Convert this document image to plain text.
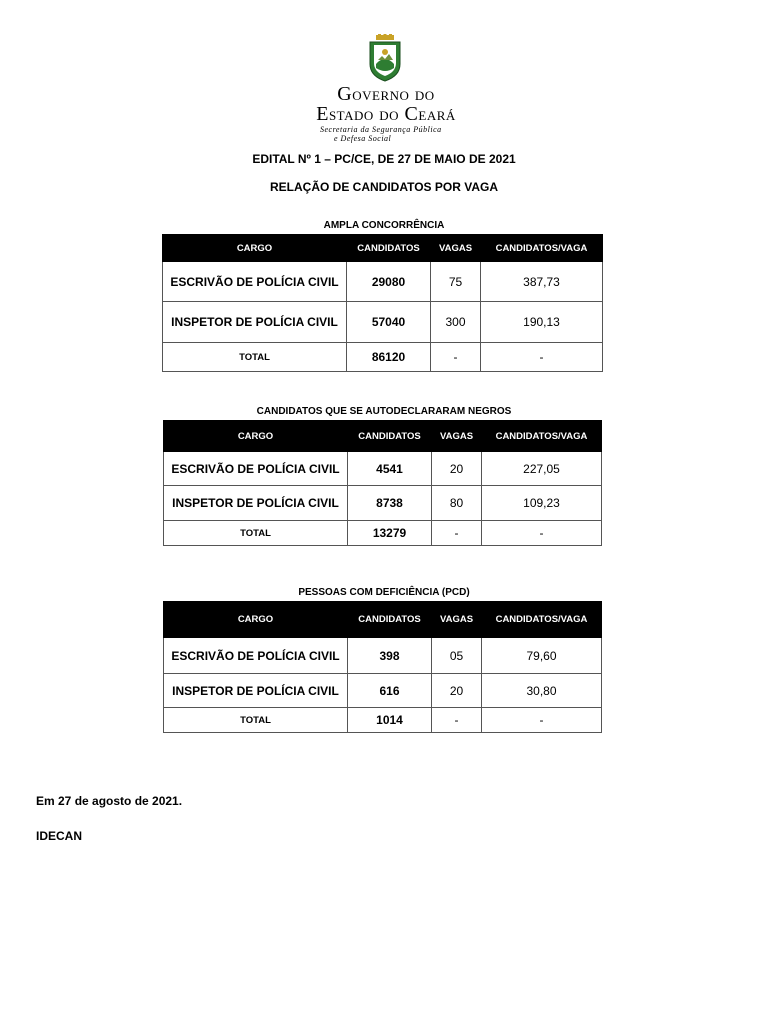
GOVERNO DO
ESTADO DO CEARÁ
Secretaria da Segurança Pública
e Defesa Social
EDITAL Nº 1 – PC/CE, DE 27 DE MAIO DE 2021
RELAÇÃO DE CANDIDATOS POR VAGA
AMPLA CONCORRÊNCIA
CARGO	CANDIDATOS	VAGAS	CANDIDATOS/VAGA
ESCRIVÃO DE POLÍCIA CIVIL	29080	75	387,73
INSPETOR DE POLÍCIA CIVIL	57040	300	190,13
TOTAL	86120	-	-
CANDIDATOS QUE SE AUTODECLARARAM NEGROS
CARGO	CANDIDATOS	VAGAS	CANDIDATOS/VAGA
ESCRIVÃO DE POLÍCIA CIVIL	4541	20	227,05
INSPETOR DE POLÍCIA CIVIL	8738	80	109,23
TOTAL	13279	-	-
PESSOAS COM DEFICIÊNCIA (PCD)
CARGO	CANDIDATOS	VAGAS	CANDIDATOS/VAGA
ESCRIVÃO DE POLÍCIA CIVIL	398	05	79,60
INSPETOR DE POLÍCIA CIVIL	616	20	30,80
TOTAL	1014	-	-
Em 27 de agosto de 2021.
IDECAN
